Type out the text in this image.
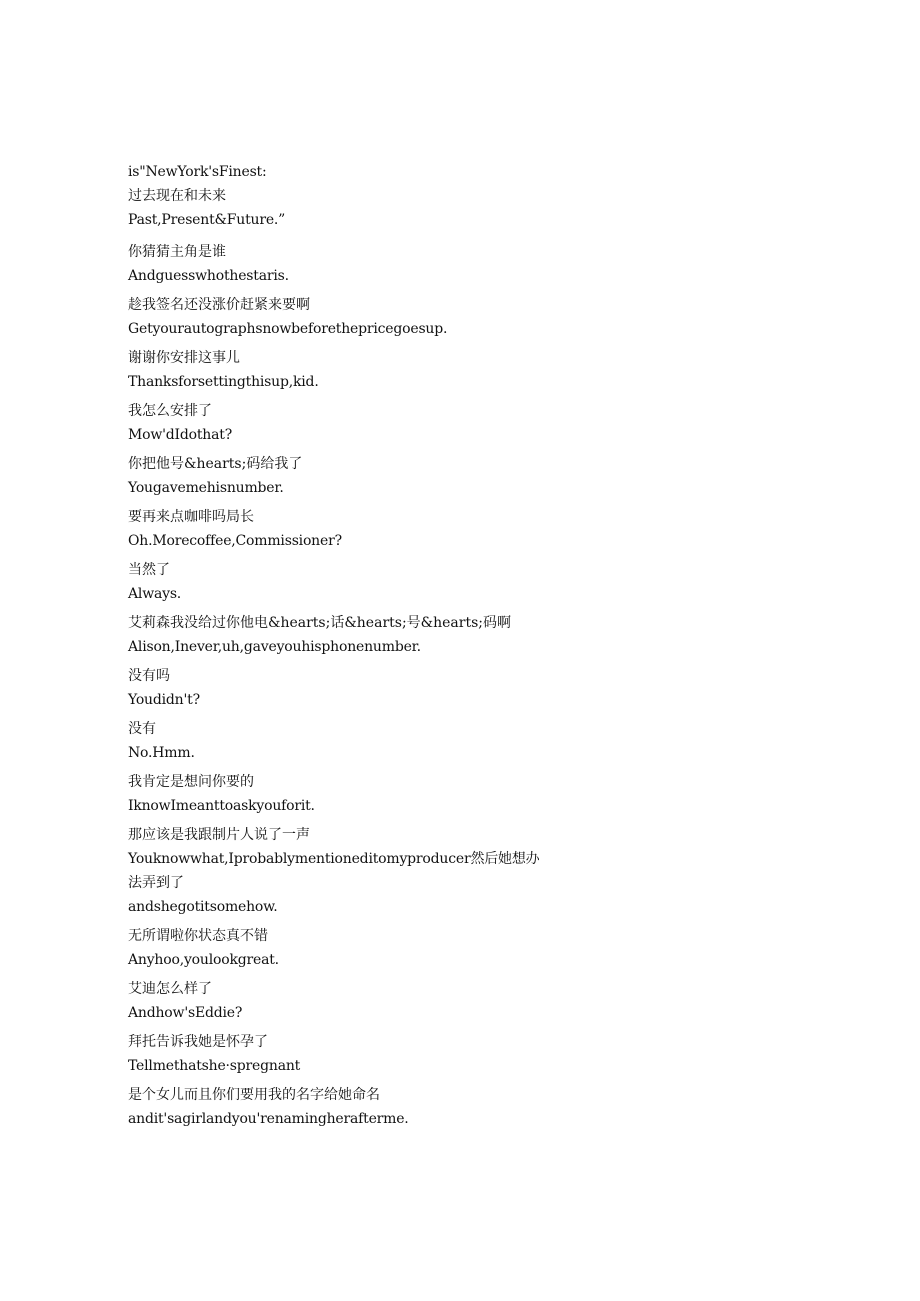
is"NewYork'sFinest:
过去现在和未来
Past,Present&Future.”
你猜猜主角是谁
Andguesswhothestaris.
趁我签名还没涨价赶紧来要啊
Getyourautographsnowbeforethepricegoesup.
谢谢你安排这事儿
Thanksforsettingthisup,kid.
我怎么安排了
Mow'dIdothat?
你把他号&hearts;码给我了
Yougavemehisnumber.
要再来点咖啡吗局长
Oh.Morecoffee,Commissioner?
当然了
Always.
艾莉森我没给过你他电&hearts;话&hearts;号&hearts;码啊
Alison,Inever,uh,gaveyouhisphonenumber.
没有吗
Youdidn't?
没有
No.Hmm.
我肯定是想问你要的
IknowImeanttoaskyouforit.
那应该是我跟制片人说了一声
Youknowwhat,Iprobablymentioneditomyproducer然后她想办
法弄到了
andshegotitsomehow.
无所谓啦你状态真不错
Anyhoo,youlookgreat.
艾迪怎么样了
Andhow'sEddie?
拜托告诉我她是怀孕了
Tellmethatshe·spregnant
是个女儿而且你们要用我的名字给她命名
andit'sagirlandyou'renamingherafterme.
